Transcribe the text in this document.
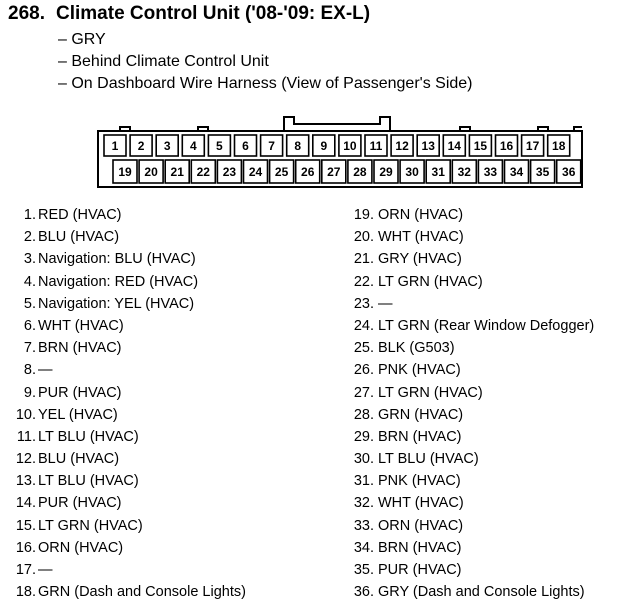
268. Climate Control Unit ('08-'09: EX-L)
– GRY
– Behind Climate Control Unit
– On Dashboard Wire Harness (View of Passenger's Side)
1 2 3 4 5 6 7 8 9 10 11 12 13 14 15 16 17 18
19 20 21 22 23 24 25 26 27 28 29 30 31 32 33 34 35 36
1. RED (HVAC)
2. BLU (HVAC)
3. Navigation: BLU (HVAC)
4. Navigation: RED (HVAC)
5. Navigation: YEL (HVAC)
6. WHT (HVAC)
7. BRN (HVAC)
8. —
9. PUR (HVAC)
10. YEL (HVAC)
11. LT BLU (HVAC)
12. BLU (HVAC)
13. LT BLU (HVAC)
14. PUR (HVAC)
15. LT GRN (HVAC)
16. ORN (HVAC)
17. —
18. GRN (Dash and Console Lights)
19. ORN (HVAC)
20. WHT (HVAC)
21. GRY (HVAC)
22. LT GRN (HVAC)
23. —
24. LT GRN (Rear Window Defogger)
25. BLK (G503)
26. PNK (HVAC)
27. LT GRN (HVAC)
28. GRN (HVAC)
29. BRN (HVAC)
30. LT BLU (HVAC)
31. PNK (HVAC)
32. WHT (HVAC)
33. ORN (HVAC)
34. BRN (HVAC)
35. PUR (HVAC)
36. GRY (Dash and Console Lights)
